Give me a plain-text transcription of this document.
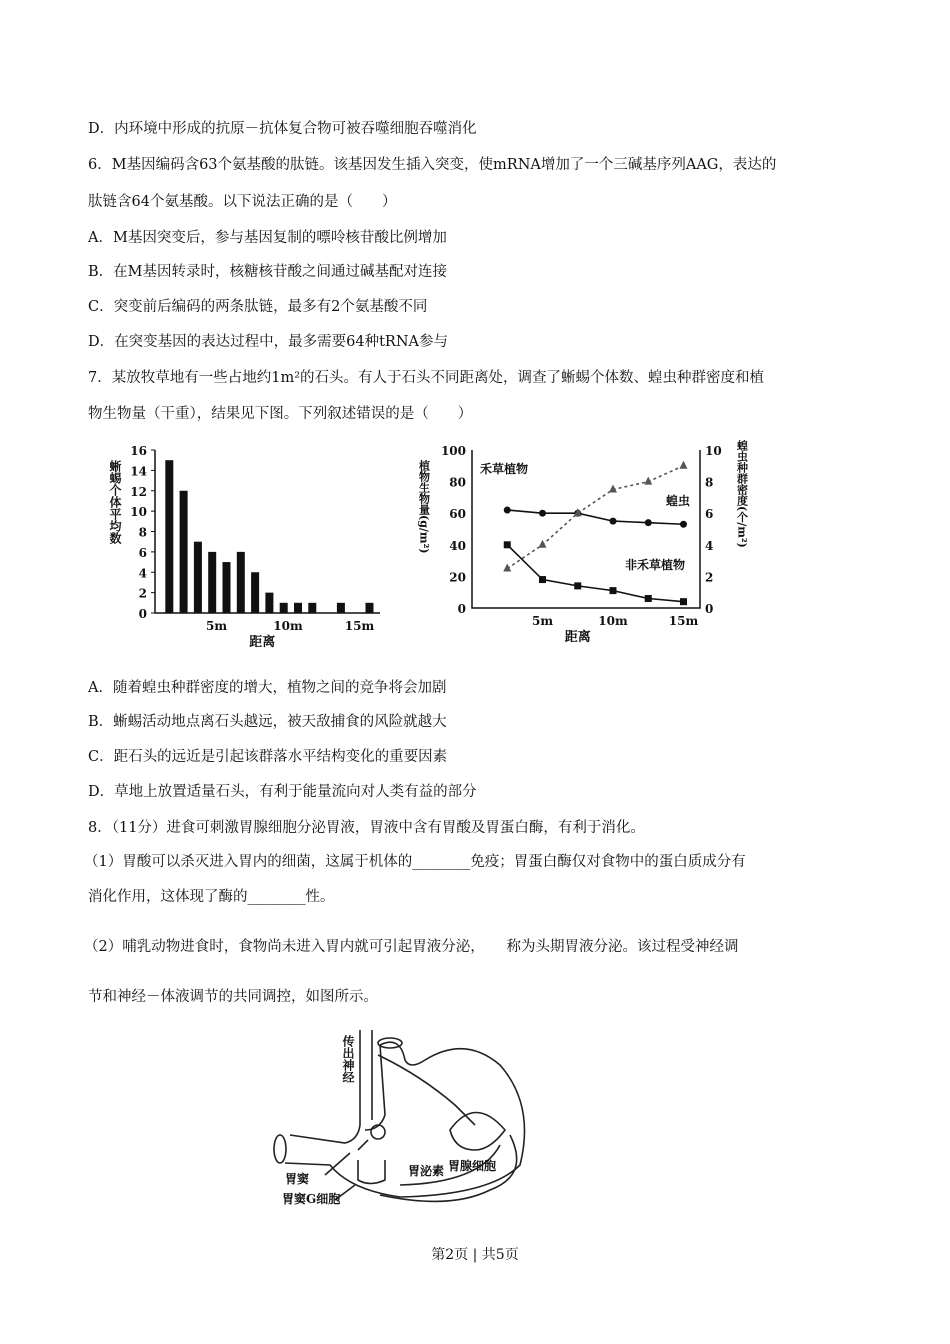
D．内环境中形成的抗原－抗体复合物可被吞噬细胞吞噬消化
6．M基因编码含63个氨基酸的肽链。该基因发生插入突变，使mRNA增加了一个三碱基序列AAG，表达的
肽链含64个氨基酸。以下说法正确的是（　　）
A．M基因突变后，参与基因复制的嘌呤核苷酸比例增加
B．在M基因转录时，核糖核苷酸之间通过碱基配对连接
C．突变前后编码的两条肽链，最多有2个氨基酸不同
D．在突变基因的表达过程中，最多需要64种tRNA参与
7．某放牧草地有一些占地约1m²的石头。有人于石头不同距离处，调查了蜥蜴个体数、蝗虫种群密度和植
物生物量（干重），结果见下图。下列叙述错误的是（　　）
0
2
4
6
8
10
12
14
16
5m	10m	15m
距离
蜥蜴个体平均数
0
20
40
60
80
100
0
2
4
6
8
10
5m	10m	15m
禾草植物
非禾草植物
蝗虫
距离
植物生物量(g/m²)	蝗虫种群密度(个/m²)
A．随着蝗虫种群密度的增大，植物之间的竞争将会加剧
B．蜥蜴活动地点离石头越远，被天敌捕食的风险就越大
C．距石头的远近是引起该群落水平结构变化的重要因素
D．草地上放置适量石头，有利于能量流向对人类有益的部分
8．（11分）进食可刺激胃腺细胞分泌胃液，胃液中含有胃酸及胃蛋白酶，有利于消化。
（1）胃酸可以杀灭进入胃内的细菌，这属于机体的________免疫；胃蛋白酶仅对食物中的蛋白质成分有
消化作用，这体现了酶的________性。
（2）哺乳动物进食时，食物尚未进入胃内就可引起胃液分泌，　　称为头期胃液分泌。该过程受神经调
节和神经－体液调节的共同调控，如图所示。
传出神经
胃腺细胞
胃泌素
胃窦
胃窦G细胞
第2页 | 共5页
